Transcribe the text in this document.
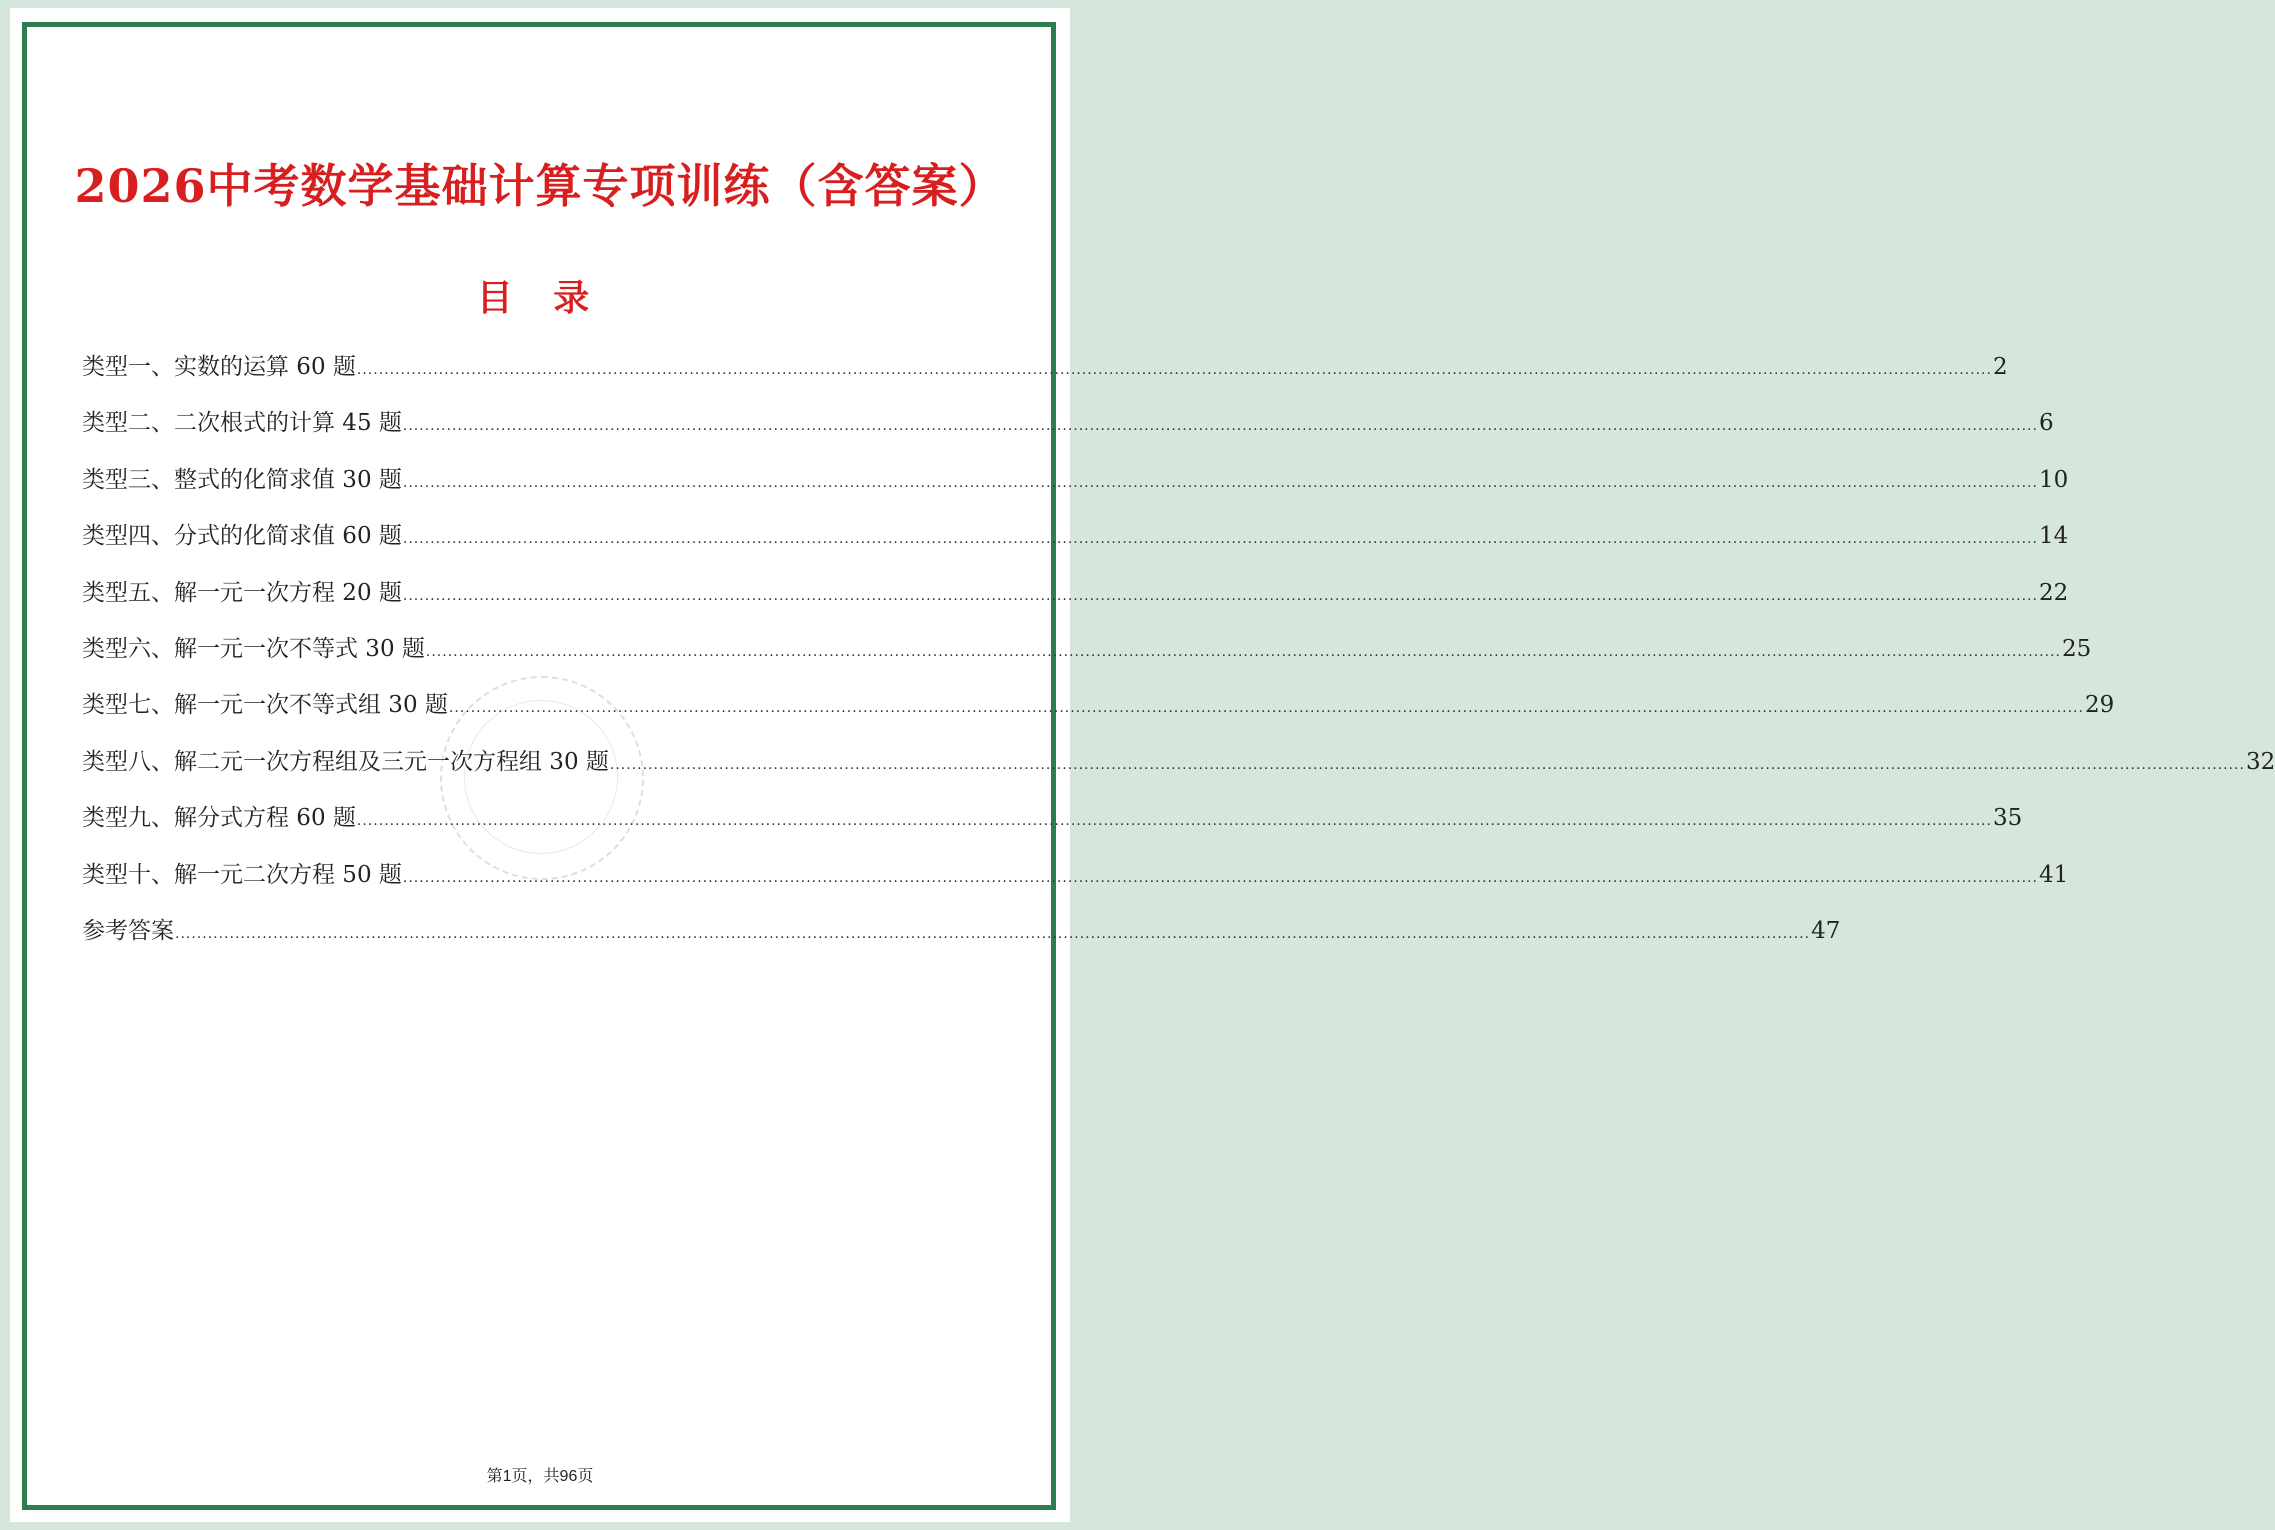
2026中考数学基础计算专项训练（含答案）
目 录
类型一、实数的运算 60 题 ............................................................................................................................................................................................................................................................................................................ 2
类型二、二次根式的计算 45 题 ............................................................................................................................................................................................................................................................................................................ 6
类型三、整式的化简求值 30 题 ............................................................................................................................................................................................................................................................................................................ 10
类型四、分式的化简求值 60 题 ............................................................................................................................................................................................................................................................................................................ 14
类型五、解一元一次方程 20 题 ............................................................................................................................................................................................................................................................................................................ 22
类型六、解一元一次不等式 30 题 ............................................................................................................................................................................................................................................................................................................ 25
类型七、解一元一次不等式组 30 题 ............................................................................................................................................................................................................................................................................................................ 29
类型八、解二元一次方程组及三元一次方程组 30 题 ............................................................................................................................................................................................................................................................................................................ 32
类型九、解分式方程 60 题 ............................................................................................................................................................................................................................................................................................................ 35
类型十、解一元二次方程 50 题 ............................................................................................................................................................................................................................................................................................................ 41
参考答案 ............................................................................................................................................................................................................................................................................................................ 47
第1页，共96页
